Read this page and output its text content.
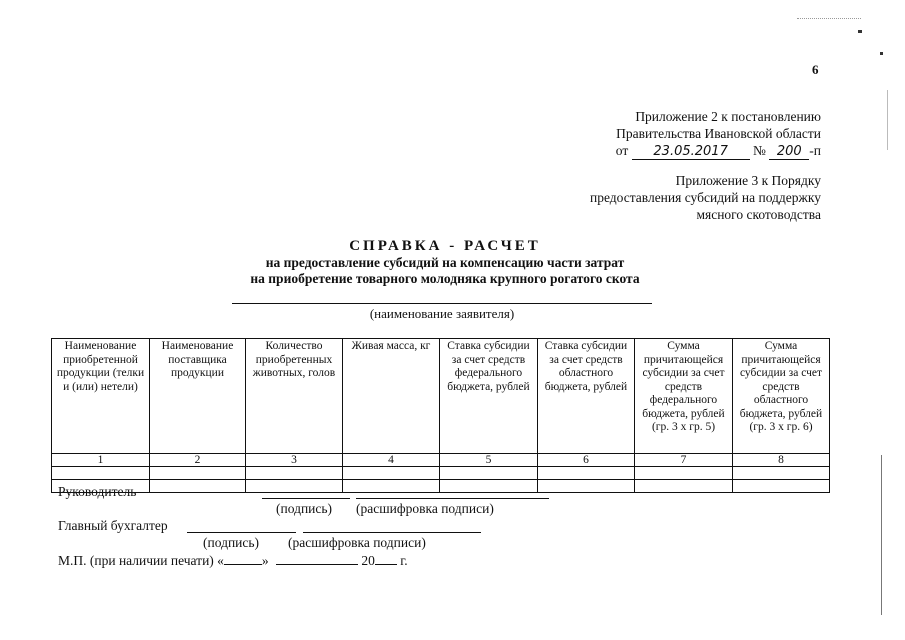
6
Приложение 2 к постановлению
Правительства Ивановской области
от 23.05.2017 № 200 -п
Приложение 3 к Порядку
предоставления субсидий на поддержку
мясного скотоводства
СПРАВКА - РАСЧЕТ
на предоставление субсидий на компенсацию части затрат
на приобретение товарного молодняка крупного рогатого скота
(наименование заявителя)
Наименование приобретенной продукции (телки и (или) нетели)	Наименование поставщика продукции	Количество приобретенных животных, голов	Живая масса, кг	Ставка субсидии за счет средств федерального бюджета, рублей	Ставка субсидии за счет средств областного бюджета, рублей	Сумма причитающейся субсидии за счет средств федерального бюджета, рублей (гр. 3 x гр. 5)	Сумма причитающейся субсидии за счет средств областного бюджета, рублей (гр. 3 x гр. 6)
1	2	3	4	5	6	7	8

Руководитель
(подпись) (расшифровка подписи)
Главный бухгалтер
(подпись) (расшифровка подписи)
М.П. (при наличии печати) «	»	20 г.
